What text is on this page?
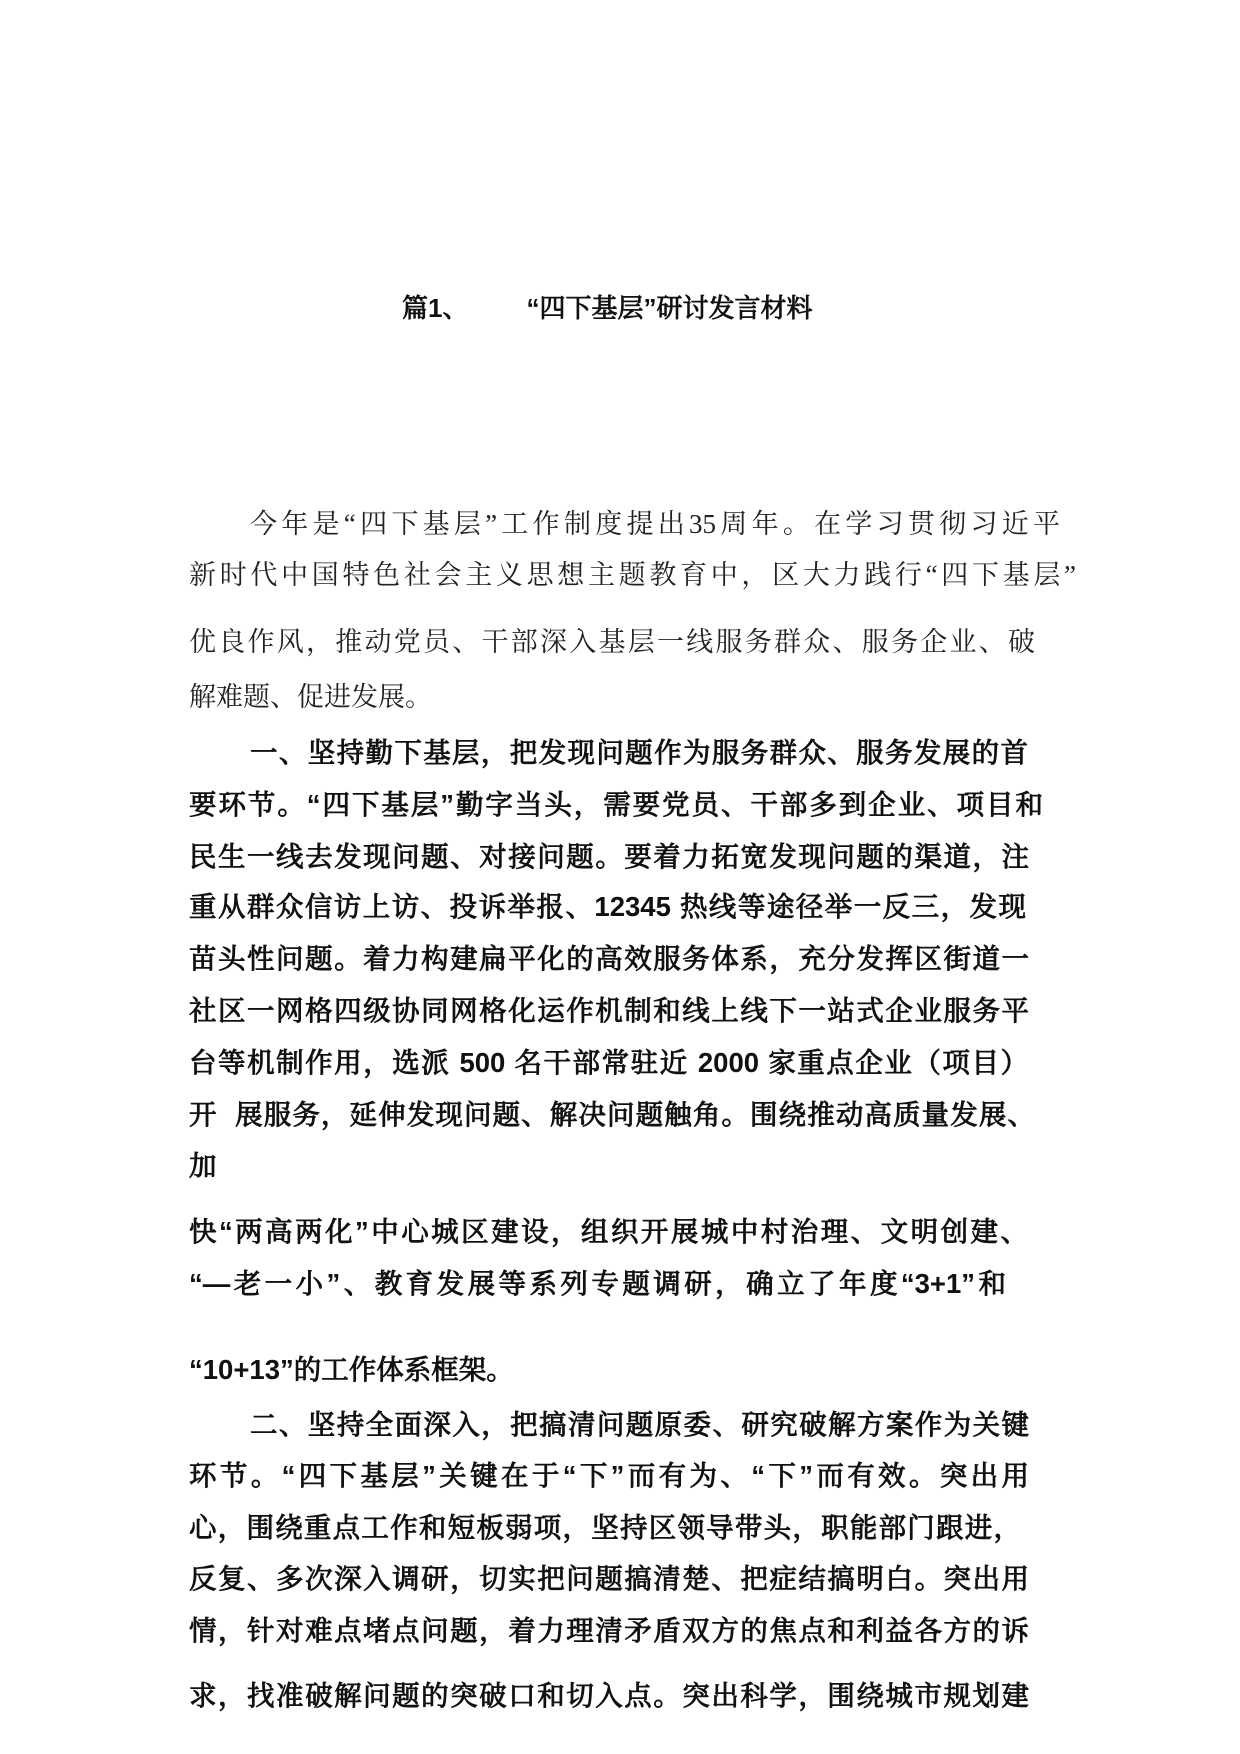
篇1、 “四下基层”研讨发言材料
今年是“四下基层”工作制度提出35周年。在学习贯彻习近平
新时代中国特色社会主义思想主题教育中，区大力践行“四下基层”
优良作风，推动党员、干部深入基层一线服务群众、服务企业、破
解难题、促进发展。
一、坚持勤下基层，把发现问题作为服务群众、服务发展的首
要环节。“四下基层”勤字当头，需要党员、干部多到企业、项目和
民生一线去发现问题、对接问题。要着力拓宽发现问题的渠道，注
重从群众信访上访、投诉举报、12345 热线等途径举一反三，发现
苗头性问题。着力构建扁平化的高效服务体系，充分发挥区街道一
社区一网格四级协同网格化运作机制和线上线下一站式企业服务平
台等机制作用，选派 500 名干部常驻近 2000 家重点企业（项目）
开  展服务，延伸发现问题、解决问题触角。围绕推动高质量发展、
加
快“两高两化”中心城区建设，组织开展城中村治理、文明创建、
“—老一小”、教育发展等系列专题调研，确立了年度“3+1”和
“10+13”的工作体系框架。
二、坚持全面深入，把搞清问题原委、研究破解方案作为关键
环节。“四下基层”关键在于“下”而有为、“下”而有效。突出用
心，围绕重点工作和短板弱项，坚持区领导带头，职能部门跟进，
反复、多次深入调研，切实把问题搞清楚、把症结搞明白。突出用
情，针对难点堵点问题，着力理清矛盾双方的焦点和利益各方的诉
求，找准破解问题的突破口和切入点。突出科学，围绕城市规划建
